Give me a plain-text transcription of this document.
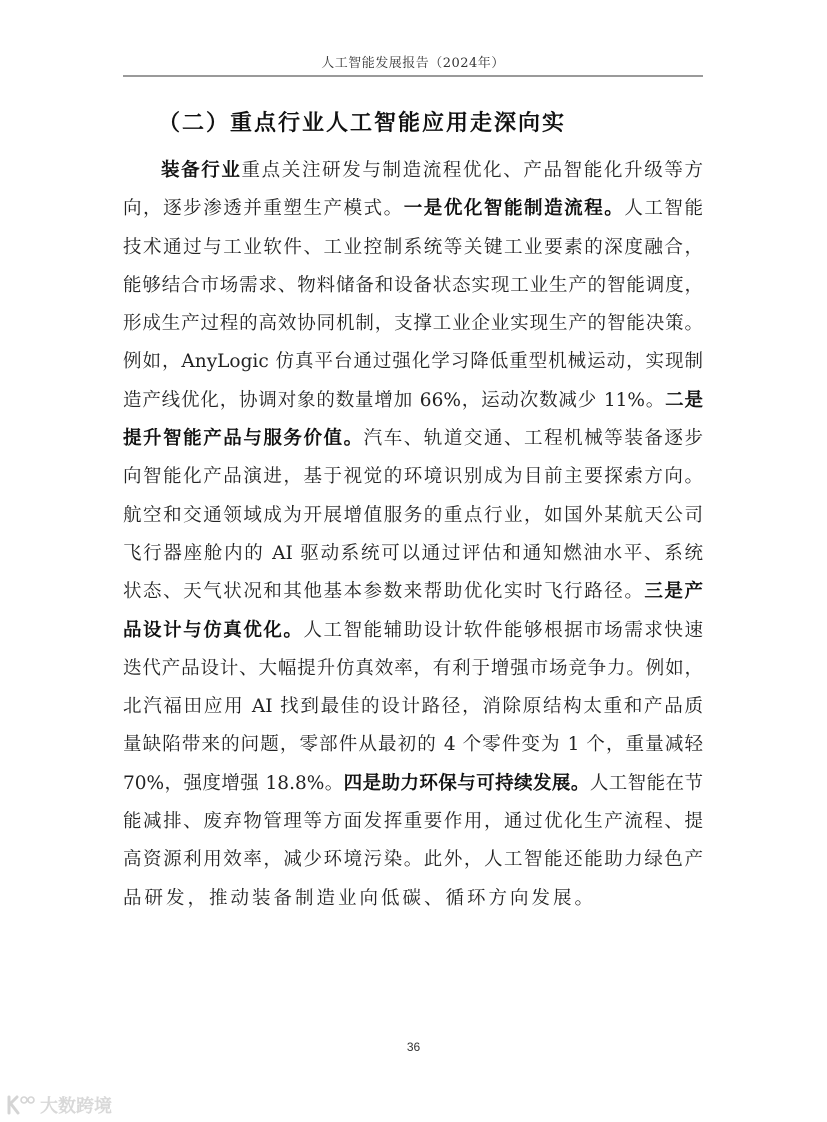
人工智能发展报告（2024年）
（二）重点行业人工智能应用走深向实
装备行业重点关注研发与制造流程优化、产品智能化升级等方
向，逐步渗透并重塑生产模式。一是优化智能制造流程。人工智能
技术通过与工业软件、工业控制系统等关键工业要素的深度融合，
能够结合市场需求、物料储备和设备状态实现工业生产的智能调度，
形成生产过程的高效协同机制，支撑工业企业实现生产的智能决策。
例如，AnyLogic 仿真平台通过强化学习降低重型机械运动，实现制
造产线优化，协调对象的数量增加 66%，运动次数减少 11%。二是
提升智能产品与服务价值。汽车、轨道交通、工程机械等装备逐步
向智能化产品演进，基于视觉的环境识别成为目前主要探索方向。
航空和交通领域成为开展增值服务的重点行业，如国外某航天公司
飞行器座舱内的 AI 驱动系统可以通过评估和通知燃油水平、系统
状态、天气状况和其他基本参数来帮助优化实时飞行路径。三是产
品设计与仿真优化。人工智能辅助设计软件能够根据市场需求快速
迭代产品设计、大幅提升仿真效率，有利于增强市场竞争力。例如，
北汽福田应用 AI 找到最佳的设计路径，消除原结构太重和产品质
量缺陷带来的问题，零部件从最初的 4 个零件变为 1 个，重量减轻
70%，强度增强 18.8%。四是助力环保与可持续发展。人工智能在节
能减排、废弃物管理等方面发挥重要作用，通过优化生产流程、提
高资源利用效率，减少环境污染。此外，人工智能还能助力绿色产
品研发，推动装备制造业向低碳、循环方向发展。
36
大数跨境
